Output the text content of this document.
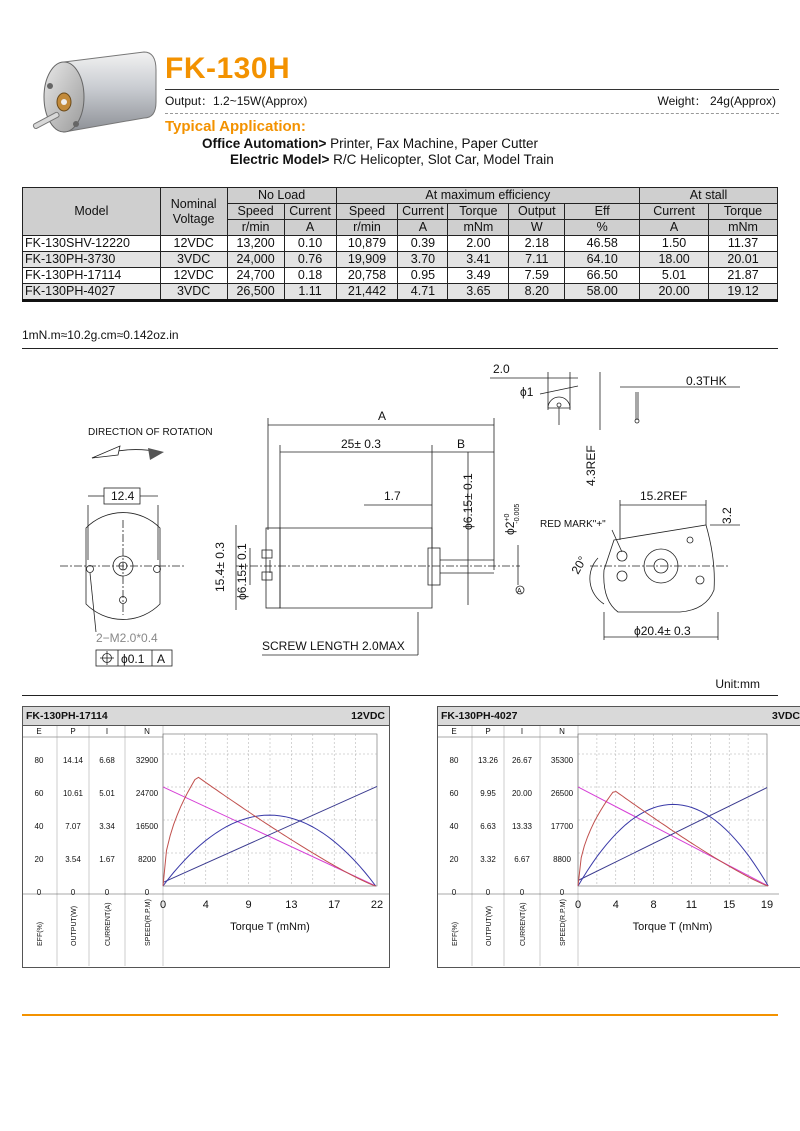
FK-130H
Output：1.2~15W(Approx)	Weight： 24g(Approx)
Typical Application:
Office Automation> Printer, Fax Machine, Paper Cutter
Electric Model> R/C Helicopter, Slot Car, Model Train
Model	Nominal Voltage	No Load		At maximum efficiency					At stall	
		Speed	Current	Speed	Current	Torque	Output	Eff	Current	Torque
		r/min	A	r/min	A	mNm	W	%	A	mNm
FK-130SHV-12220	12VDC	13,200	0.10	10,879	0.39	2.00	2.18	46.58	1.50	11.37
FK-130PH-3730	3VDC	24,000	0.76	19,909	3.70	3.41	7.11	64.10	18.00	20.01
FK-130PH-17114	12VDC	24,700	0.18	20,758	0.95	3.49	7.59	66.50	5.01	21.87
FK-130PH-4027	3VDC	26,500	1.11	21,442	4.71	3.65	8.20	58.00	20.00	19.12
1mN.m≈10.2g.cm≈0.142oz.in
DIRECTION OF ROTATION
12.4
2−M2.0*0.4
ϕ0.1 A
A
25± 0.3	B
1.7	ϕ6.15± 0.1 $\phi 2^{+0}$ -0.005
A
15.4± 0.3 ϕ6.15± 0.1
SCREW LENGTH 2.0MAX
2.0
ϕ1
4.3REF
0.3THK
15.2REF
3.2
RED MARK"+"
20°
ϕ20.4± 0.3
Unit:mm
FK-130PH-17114	12VDC
E	P	I	N
80 14.14 6.68	32900
60 10.61 5.01	24700
40	7.07 3.34	16500
20	3.54 1.67	8200
0	0	0	0
EFF(%)	OUTPUT(W)	CURRENT(A)	SPEED(R.P.M) 0	4	9	13	17	22
Torque T (mNm)
FK-130PH-4027	3VDC
E	P	I	N
80 13.26 26.67 35300
60	9.95 20.00 26500
40	6.63 13.33 17700
20	3.32 6.67	8800
0	0	0	0
EFF(%)	OUTPUT(W)	CURRENT(A)	SPEED(R.P.M) 0	4	8	11 15 19
Torque T (mNm)
